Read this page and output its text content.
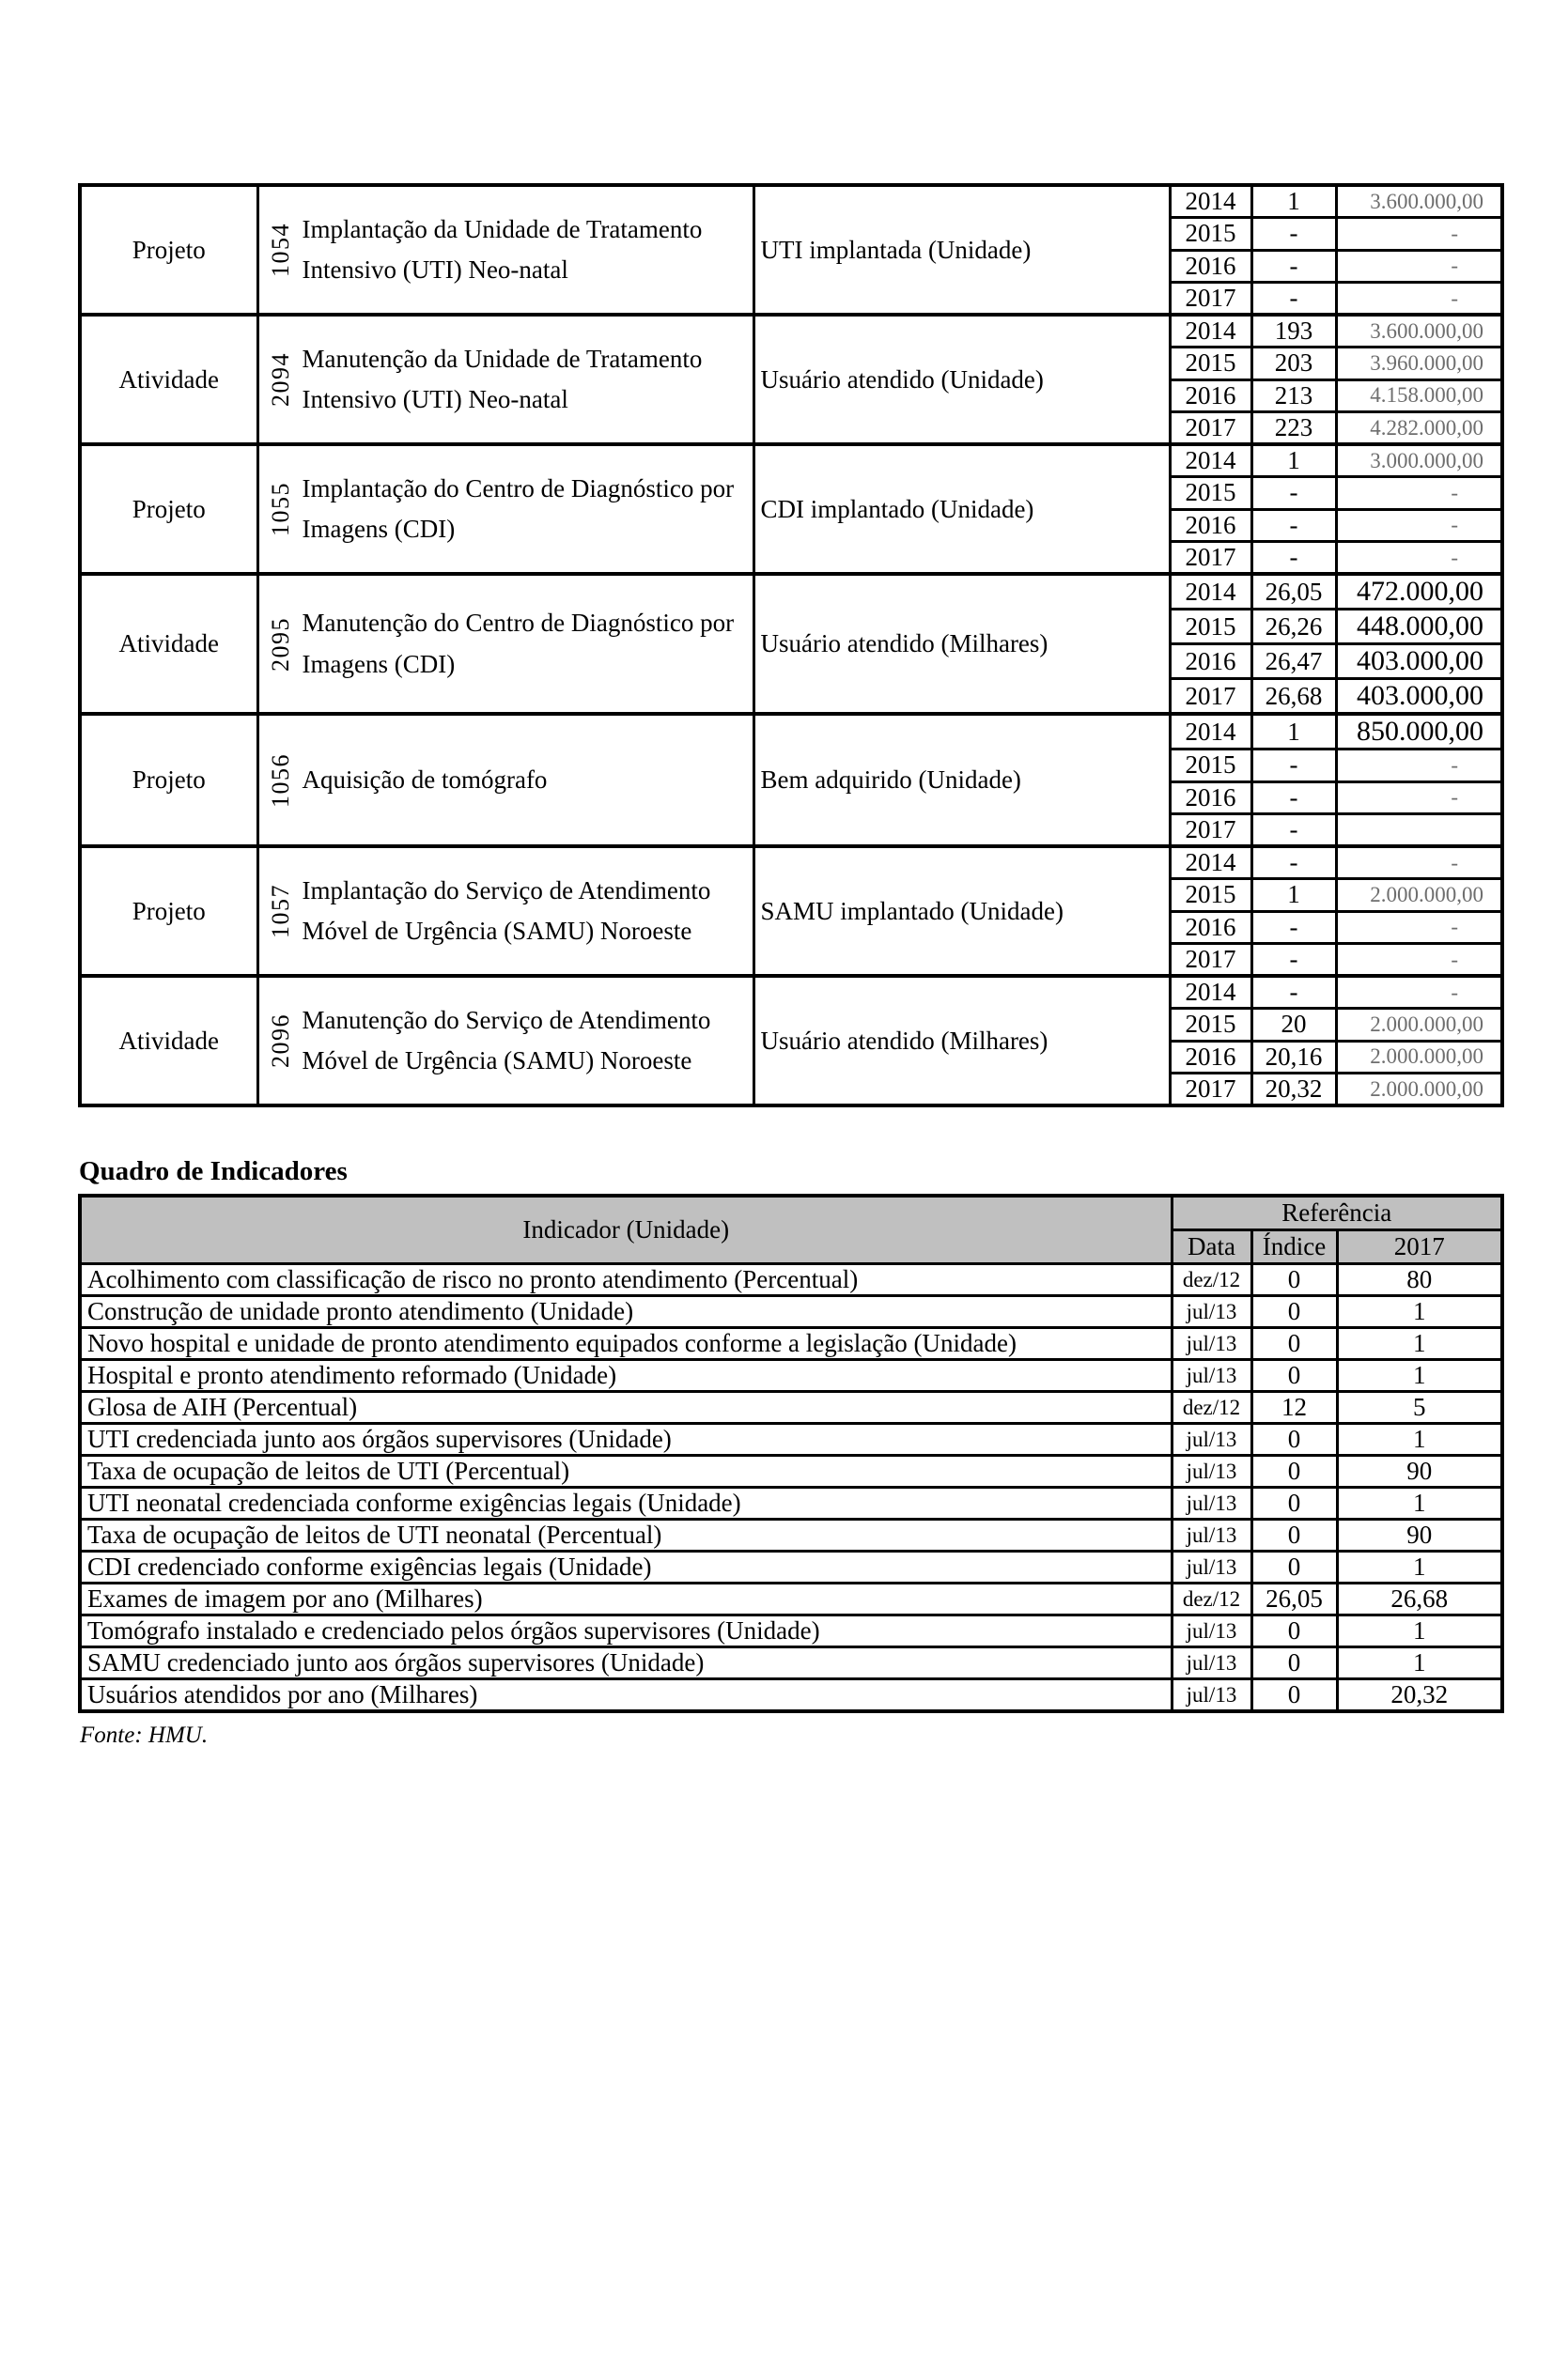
Projeto	1054 Implantação da Unidade de Tratamento Intensivo (UTI) Neo-natal	UTI implantada (Unidade)	2014	1	3.600.000,00
			2015	-	-
			2016	-	-
			2017	-	-
Atividade	2094 Manutenção da Unidade de Tratamento Intensivo (UTI) Neo-natal	Usuário atendido (Unidade)	2014	193	3.600.000,00
			2015	203	3.960.000,00
			2016	213	4.158.000,00
			2017	223	4.282.000,00
Projeto	1055 Implantação do Centro de Diagnóstico por Imagens (CDI)	CDI implantado (Unidade)	2014	1	3.000.000,00
			2015	-	-
			2016	-	-
			2017	-	-
Atividade	2095 Manutenção do Centro de Diagnóstico por Imagens (CDI)	Usuário atendido (Milhares)	2014	26,05	472.000,00
			2015	26,26	448.000,00
			2016	26,47	403.000,00
			2017	26,68	403.000,00
Projeto	1056 Aquisição de tomógrafo	Bem adquirido (Unidade)	2014	1	850.000,00
			2015	-	-
			2016	-	-
			2017	-	
Projeto	1057 Implantação do Serviço de Atendimento Móvel de Urgência (SAMU) Noroeste	SAMU implantado (Unidade)	2014	-	-
			2015	1	2.000.000,00
			2016	-	-
			2017	-	-
Atividade	2096 Manutenção do Serviço de Atendimento Móvel de Urgência (SAMU) Noroeste	Usuário atendido (Milhares)	2014	-	-
			2015	20	2.000.000,00
			2016	20,16	2.000.000,00
			2017	20,32	2.000.000,00
Quadro de Indicadores
Indicador (Unidade)	Referência		
	Data	Índice	2017
Acolhimento com classificação de risco no pronto atendimento (Percentual)	dez/12	0	80
Construção de unidade pronto atendimento (Unidade)	jul/13	0	1
Novo hospital e unidade de pronto atendimento equipados conforme a legislação (Unidade)	jul/13	0	1
Hospital e pronto atendimento reformado (Unidade)	jul/13	0	1
Glosa de AIH (Percentual)	dez/12	12	5
UTI credenciada junto aos órgãos supervisores (Unidade)	jul/13	0	1
Taxa de ocupação de leitos de UTI (Percentual)	jul/13	0	90
UTI neonatal credenciada conforme exigências legais (Unidade)	jul/13	0	1
Taxa de ocupação de leitos de UTI neonatal (Percentual)	jul/13	0	90
CDI credenciado conforme exigências legais (Unidade)	jul/13	0	1
Exames de imagem por ano (Milhares)	dez/12	26,05	26,68
Tomógrafo instalado e credenciado pelos órgãos supervisores (Unidade)	jul/13	0	1
SAMU credenciado junto aos órgãos supervisores (Unidade)	jul/13	0	1
Usuários atendidos por ano (Milhares)	jul/13	0	20,32

Fonte: HMU.
